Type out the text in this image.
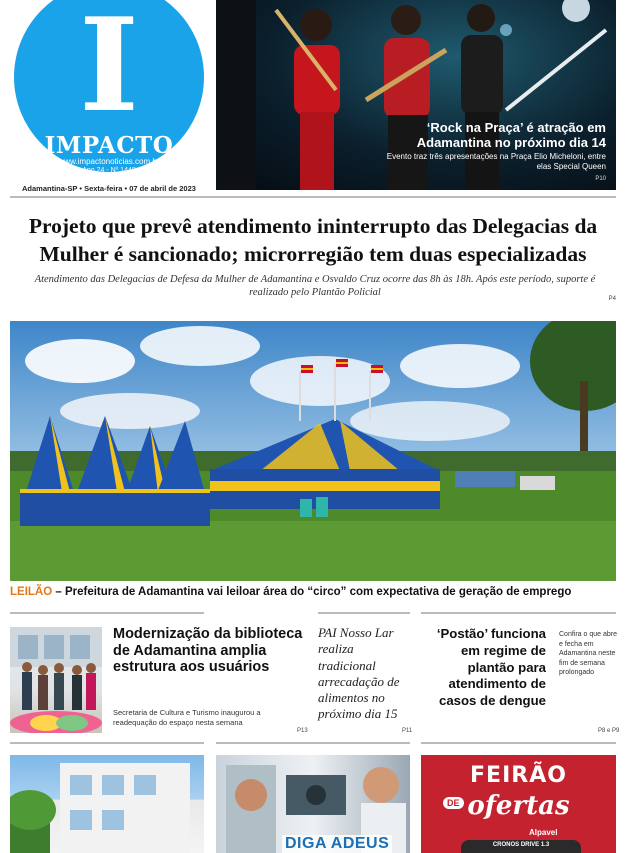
I
IMPACTO
www.impactonoticias.com.br
Ano 24 - Nº 1448
Adamantina-SP • Sexta-feira • 07 de abril de 2023
‘Rock na Praça’ é atração em Adamantina no próximo dia 14
Evento traz três apresentações na Praça Elio Micheloni, entre elas Special Queen
P10
Projeto que prevê atendimento ininterrupto das Delegacias da Mulher é sancionado; microrregião tem duas especializadas
Atendimento das Delegacias de Defesa da Mulher de Adamantina e Osvaldo Cruz ocorre das 8h às 18h. Após este período, suporte é realizado pelo Plantão Policial
P4
LEILÃO – Prefeitura de Adamantina vai leiloar área do “circo” com expectativa de geração de emprego
Modernização da biblioteca de Adamantina amplia estrutura aos usuários
Secretaria de Cultura e Turismo inaugurou a readequação do espaço nesta semana
P13
PAI Nosso Lar realiza tradicional arrecadação de alimentos no próximo dia 15
P11
‘Postão’ funciona em regime de plantão para atendimento de casos de dengue
Confira o que abre e fecha em Adamantina neste fim de semana prolongado
P8 e P9
DIGA ADEUS
FEIRÃO
DE ofertas
Alpavel
CRONOS DRIVE 1.3
